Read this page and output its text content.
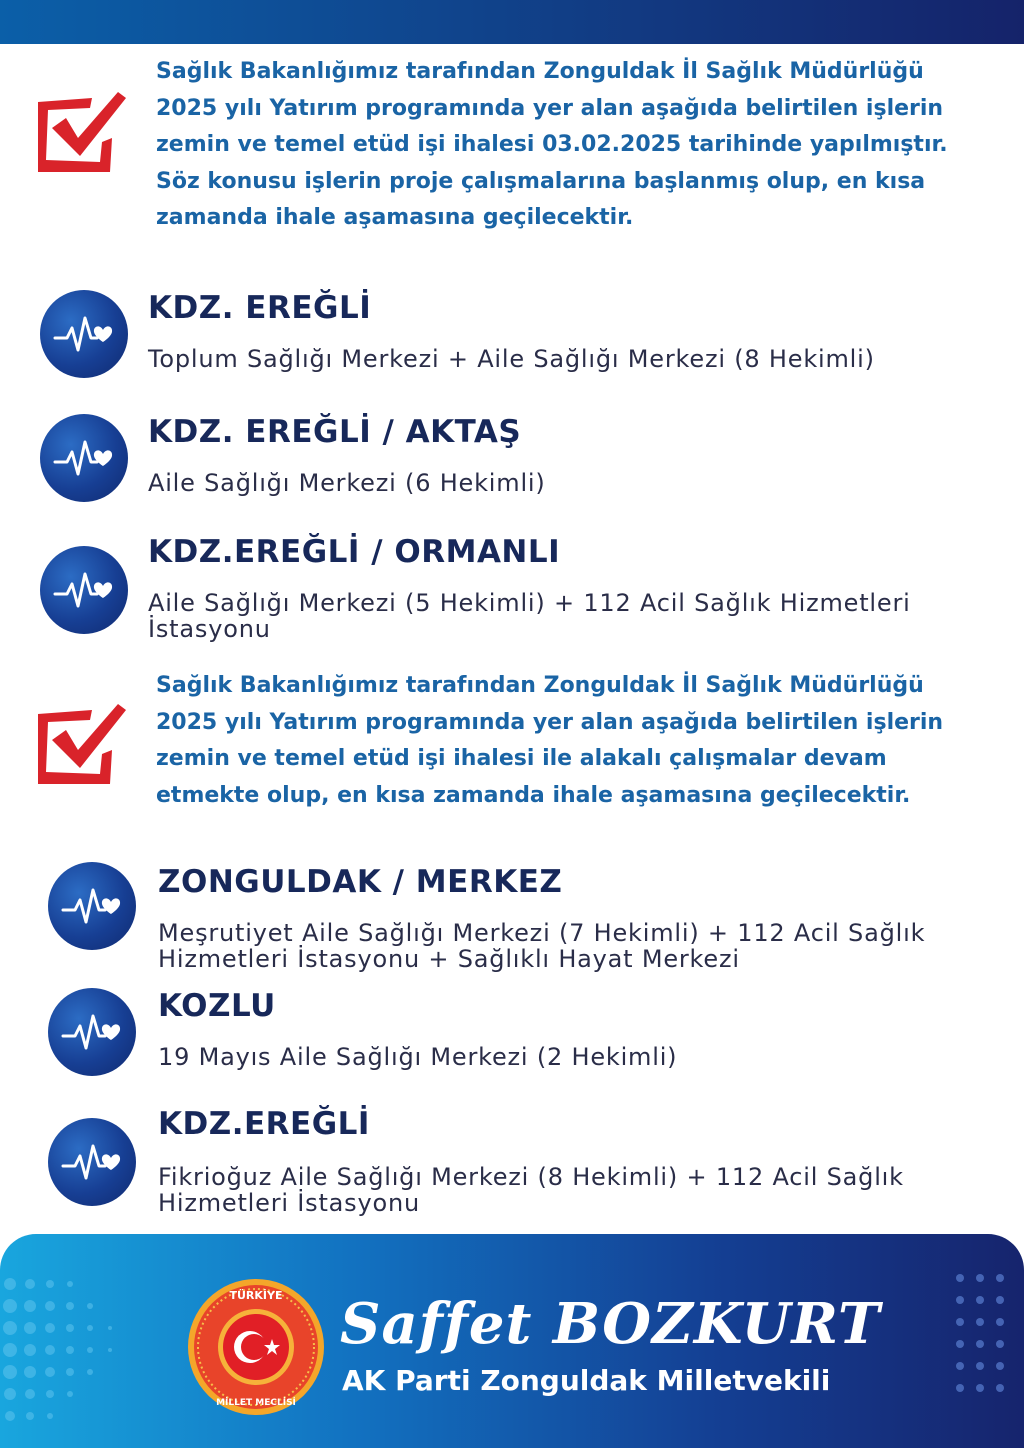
Sağlık Bakanlığımız tarafından Zonguldak İl Sağlık Müdürlüğü 2025 yılı Yatırım programında yer alan aşağıda belirtilen işlerin zemin ve temel etüd işi ihalesi 03.02.2025 tarihinde yapılmıştır. Söz konusu işlerin proje çalışmalarına başlanmış olup, en kısa zamanda ihale aşamasına geçilecektir.

KDZ. EREĞLİ

Toplum Sağlığı Merkezi + Aile Sağlığı Merkezi (8 Hekimli)

KDZ. EREĞLİ / AKTAŞ

Aile Sağlığı Merkezi (6 Hekimli)

KDZ.EREĞLİ / ORMANLI

Aile Sağlığı Merkezi (5 Hekimli) + 112 Acil Sağlık Hizmetleri İstasyonu

Sağlık Bakanlığımız tarafından Zonguldak İl Sağlık Müdürlüğü 2025 yılı Yatırım programında yer alan aşağıda belirtilen işlerin zemin ve temel etüd işi ihalesi ile alakalı çalışmalar devam etmekte olup, en kısa zamanda ihale aşamasına geçilecektir.

ZONGULDAK / MERKEZ

Meşrutiyet Aile Sağlığı Merkezi (7 Hekimli) + 112 Acil Sağlık Hizmetleri İstasyonu + Sağlıklı Hayat Merkezi

KOZLU

19 Mayıs Aile Sağlığı Merkezi (2 Hekimli)

KDZ.EREĞLİ

Fikrioğuz Aile Sağlığı Merkezi (8 Hekimli) + 112 Acil Sağlık Hizmetleri İstasyonu

TÜRKİYE
MİLLET MECLİSİ
Saffet BOZKURT
AK Parti Zonguldak Milletvekili
